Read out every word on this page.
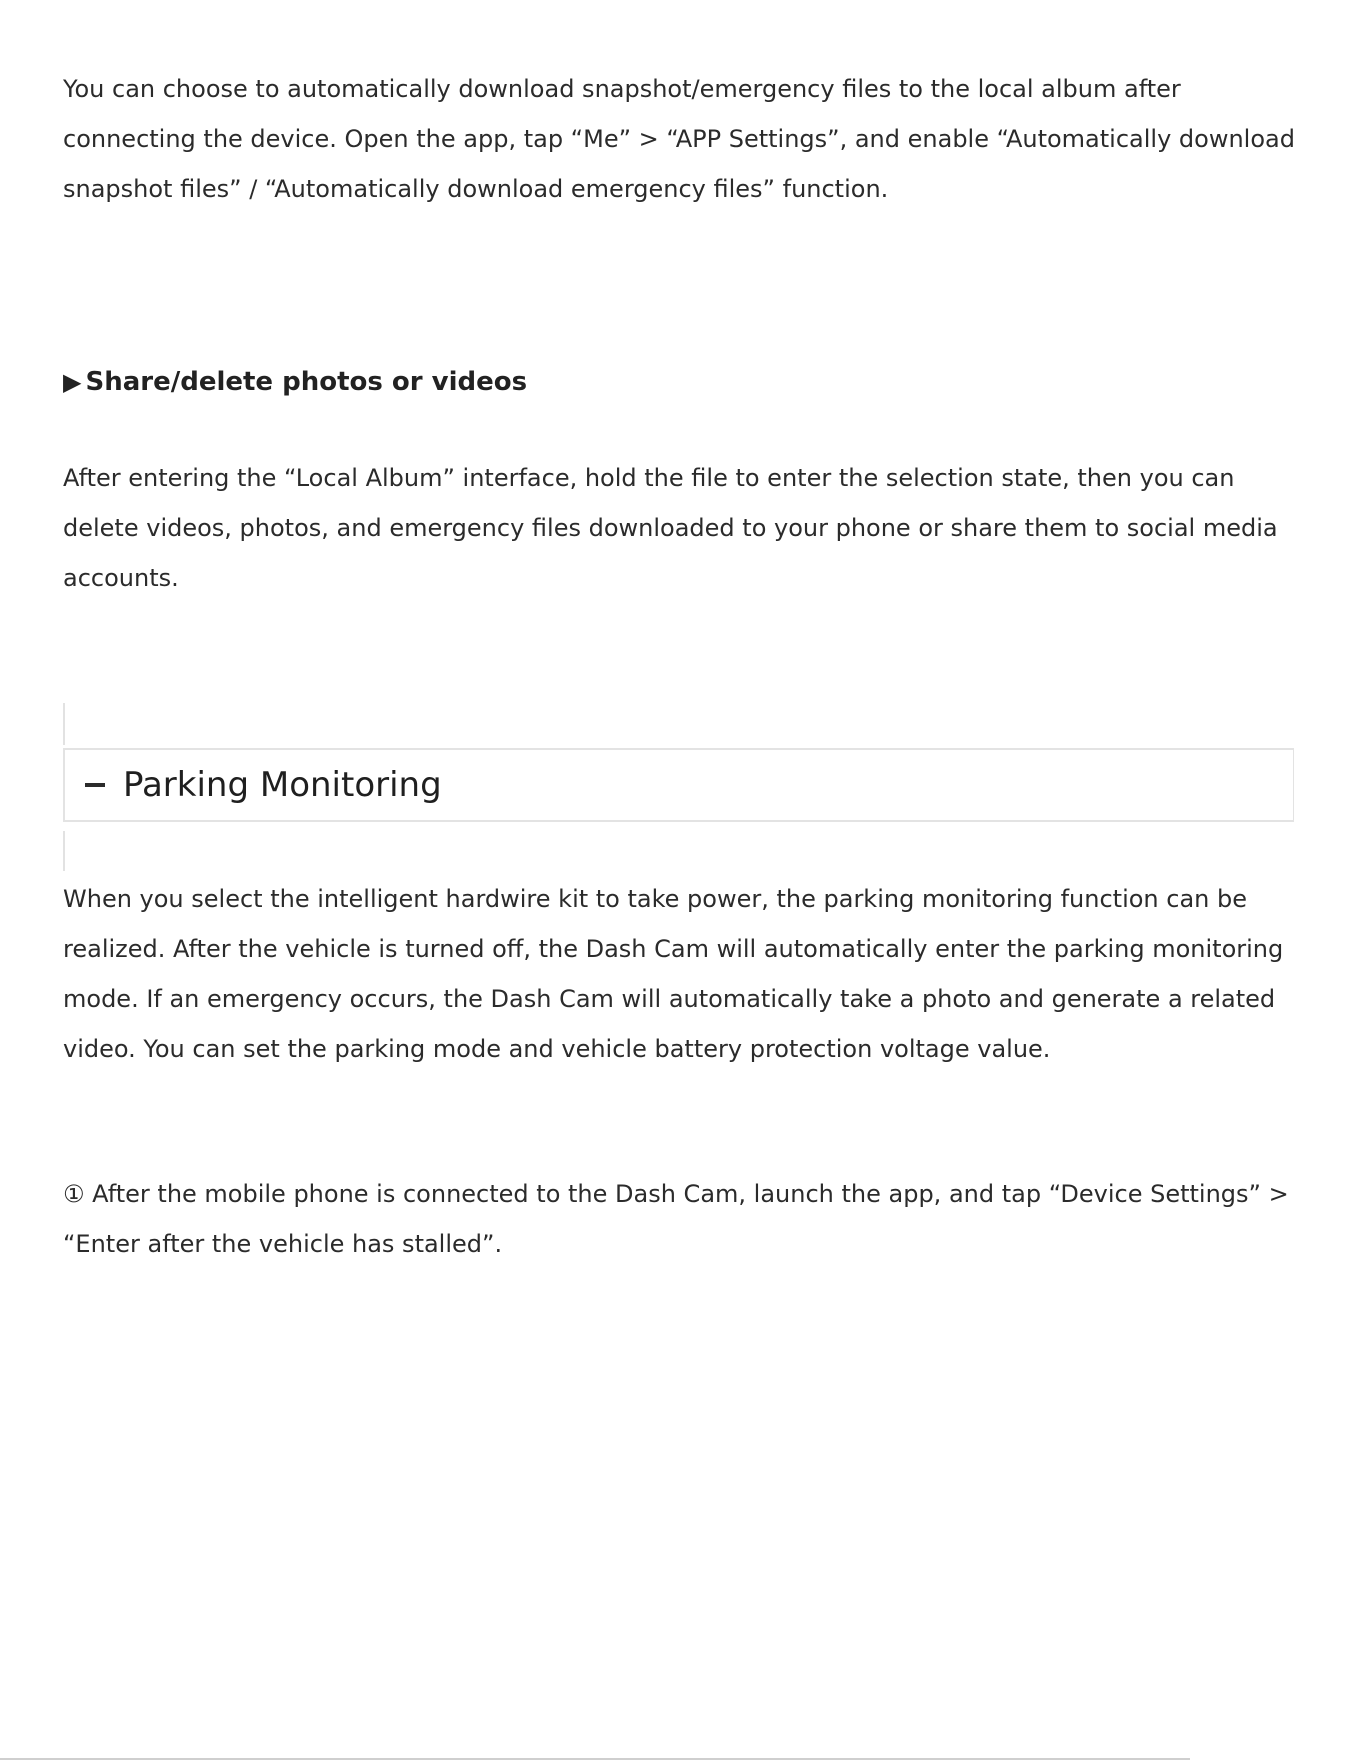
You can choose to automatically download snapshot/emergency files to the local album after connecting the device. Open the app, tap “Me” > “APP Settings”, and enable “Automatically download snapshot files” / “Automatically download emergency files” function.

▶ Share/delete photos or videos

After entering the “Local Album” interface, hold the file to enter the selection state, then you can delete videos, photos, and emergency files downloaded to your phone or share them to social media accounts.

Parking Monitoring

When you select the intelligent hardwire kit to take power, the parking monitoring function can be realized. After the vehicle is turned off, the Dash Cam will automatically enter the parking monitoring mode. If an emergency occurs, the Dash Cam will automatically take a photo and generate a related video. You can set the parking mode and vehicle battery protection voltage value.

① After the mobile phone is connected to the Dash Cam, launch the app, and tap “Device Settings” > “Enter after the vehicle has stalled”.
